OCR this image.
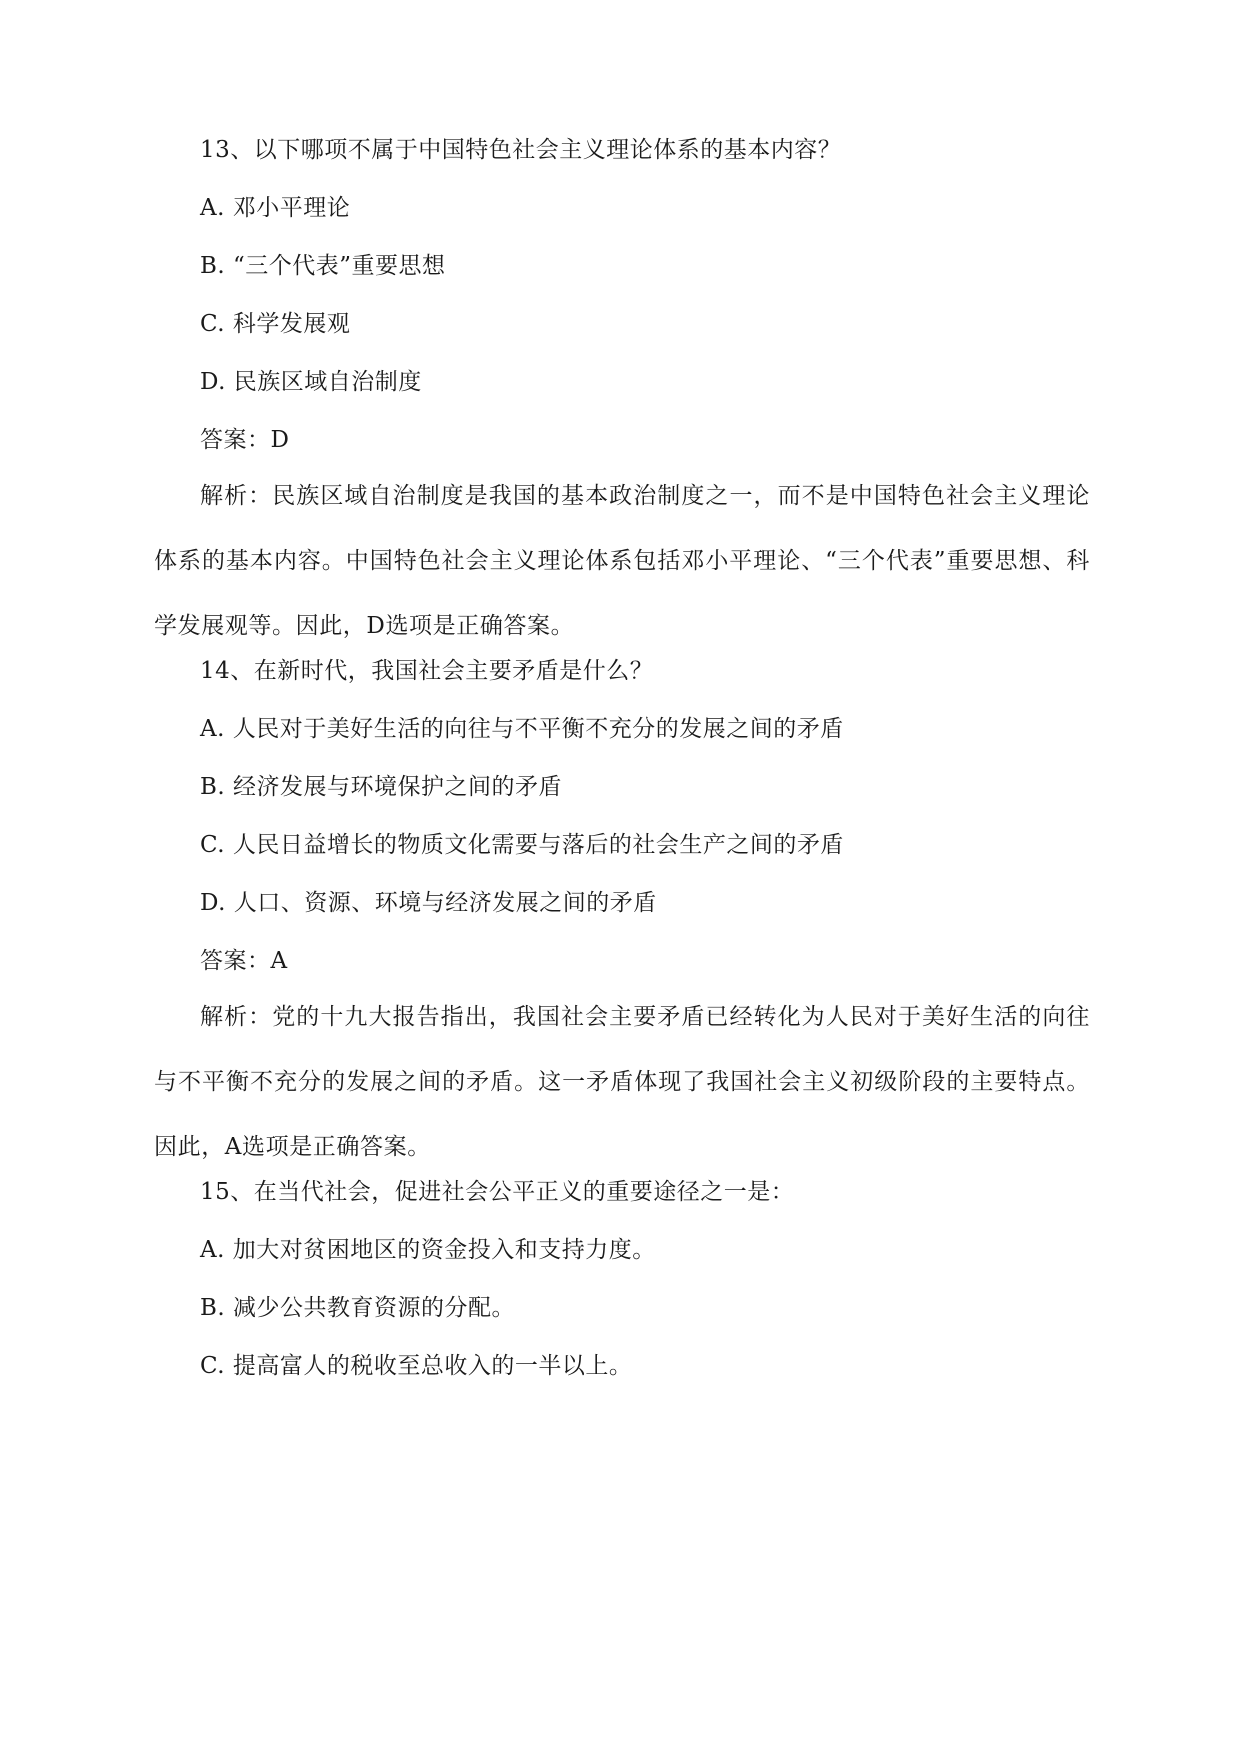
13、以下哪项不属于中国特色社会主义理论体系的基本内容？
A. 邓小平理论
B. “三个代表”重要思想
C. 科学发展观
D. 民族区域自治制度
答案：D
解析：民族区域自治制度是我国的基本政治制度之一，而不是中国特色社会主义理论体系的基本内容。中国特色社会主义理论体系包括邓小平理论、“三个代表”重要思想、科学发展观等。因此，D选项是正确答案。
14、在新时代，我国社会主要矛盾是什么？
A. 人民对于美好生活的向往与不平衡不充分的发展之间的矛盾
B. 经济发展与环境保护之间的矛盾
C. 人民日益增长的物质文化需要与落后的社会生产之间的矛盾
D. 人口、资源、环境与经济发展之间的矛盾
答案：A
解析：党的十九大报告指出，我国社会主要矛盾已经转化为人民对于美好生活的向往与不平衡不充分的发展之间的矛盾。这一矛盾体现了我国社会主义初级阶段的主要特点。因此，A选项是正确答案。
15、在当代社会，促进社会公平正义的重要途径之一是：
A. 加大对贫困地区的资金投入和支持力度。
B. 减少公共教育资源的分配。
C. 提高富人的税收至总收入的一半以上。
